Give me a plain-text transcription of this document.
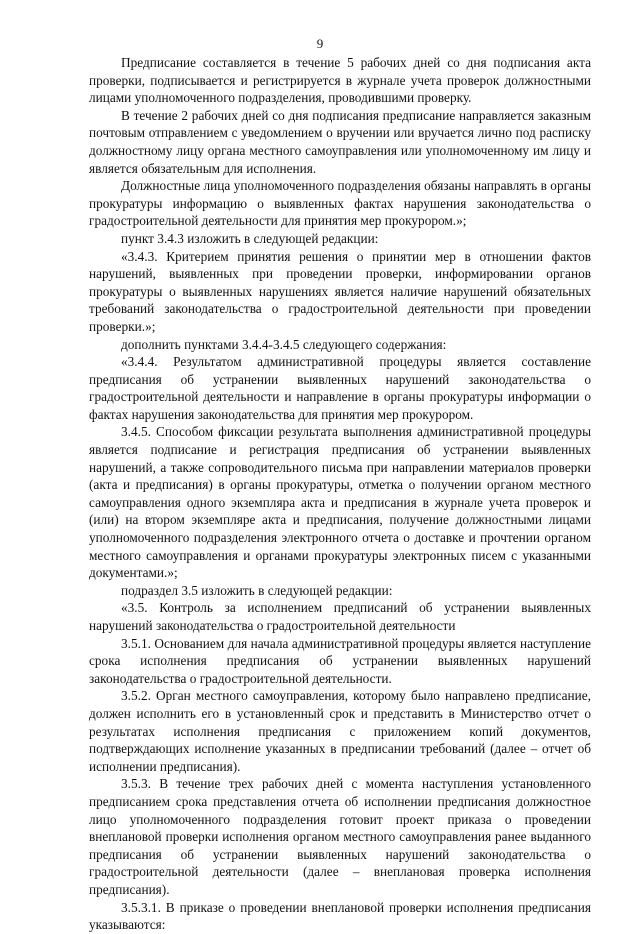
9

Предписание составляется в течение 5 рабочих дней со дня подписания акта проверки, подписывается и регистрируется в журнале учета проверок должностными лицами уполномоченного подразделения, проводившими проверку.

В течение 2 рабочих дней со дня подписания предписание направляется заказным почтовым отправлением с уведомлением о вручении или вручается лично под расписку должностному лицу органа местного самоуправления или уполномоченному им лицу и является обязательным для исполнения.

Должностные лица уполномоченного подразделения обязаны направлять в органы прокуратуры информацию о выявленных фактах нарушения законодательства о градостроительной деятельности для принятия мер прокурором.»;

пункт 3.4.3 изложить в следующей редакции:

«3.4.3. Критерием принятия решения о принятии мер в отношении фактов нарушений, выявленных при проведении проверки, информировании органов прокуратуры о выявленных нарушениях является наличие нарушений обязательных требований законодательства о градостроительной деятельности при проведении проверки.»;

дополнить пунктами 3.4.4-3.4.5 следующего содержания:

«3.4.4. Результатом административной процедуры является составление предписания об устранении выявленных нарушений законодательства о градостроительной деятельности и направление в органы прокуратуры информации о фактах нарушения законодательства для принятия мер прокурором.

3.4.5. Способом фиксации результата выполнения административной процедуры является подписание и регистрация предписания об устранении выявленных нарушений, а также сопроводительного письма при направлении материалов проверки (акта и предписания) в органы прокуратуры, отметка о получении органом местного самоуправления одного экземпляра акта и предписания в журнале учета проверок и (или) на втором экземпляре акта и предписания, получение должностными лицами уполномоченного подразделения электронного отчета о доставке и прочтении органом местного самоуправления и органами прокуратуры электронных писем с указанными документами.»;

подраздел 3.5 изложить в следующей редакции:

«3.5. Контроль за исполнением предписаний об устранении выявленных нарушений законодательства о градостроительной деятельности

3.5.1. Основанием для начала административной процедуры является наступление срока исполнения предписания об устранении выявленных нарушений законодательства о градостроительной деятельности.

3.5.2. Орган местного самоуправления, которому было направлено предписание, должен исполнить его в установленный срок и представить в Министерство отчет о результатах исполнения предписания с приложением копий документов, подтверждающих исполнение указанных в предписании требований (далее – отчет об исполнении предписания).

3.5.3. В течение трех рабочих дней с момента наступления установленного предписанием срока представления отчета об исполнении предписания должностное лицо уполномоченного подразделения готовит проект приказа о проведении внеплановой проверки исполнения органом местного самоуправления ранее выданного предписания об устранении выявленных нарушений законодательства о градостроительной деятельности (далее – внеплановая проверка исполнения предписания).

3.5.3.1. В приказе о проведении внеплановой проверки исполнения предписания указываются:
